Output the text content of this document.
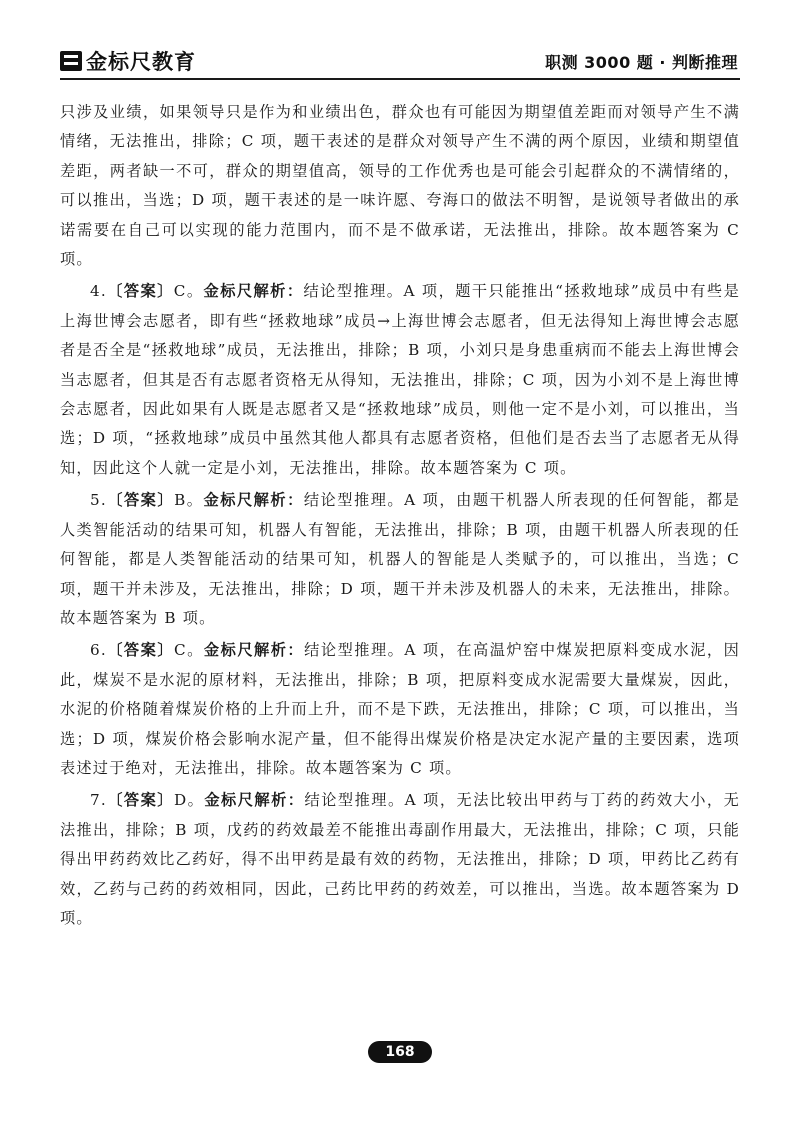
金标尺教育	职测 3000 题 · 判断推理

只涉及业绩，如果领导只是作为和业绩出色，群众也有可能因为期望值差距而对领导产生不满情绪，无法推出，排除；C 项，题干表述的是群众对领导产生不满的两个原因，业绩和期望值差距，两者缺一不可，群众的期望值高，领导的工作优秀也是可能会引起群众的不满情绪的，可以推出，当选；D 项，题干表述的是一味许愿、夸海口的做法不明智，是说领导者做出的承诺需要在自己可以实现的能力范围内，而不是不做承诺，无法推出，排除。故本题答案为 C 项。

4.〔答案〕C。金标尺解析：结论型推理。A 项，题干只能推出“拯救地球”成员中有些是上海世博会志愿者，即有些“拯救地球”成员→上海世博会志愿者，但无法得知上海世博会志愿者是否全是“拯救地球”成员，无法推出，排除；B 项，小刘只是身患重病而不能去上海世博会当志愿者，但其是否有志愿者资格无从得知，无法推出，排除；C 项，因为小刘不是上海世博会志愿者，因此如果有人既是志愿者又是“拯救地球”成员，则他一定不是小刘，可以推出，当选；D 项，“拯救地球”成员中虽然其他人都具有志愿者资格，但他们是否去当了志愿者无从得知，因此这个人就一定是小刘，无法推出，排除。故本题答案为 C 项。

5.〔答案〕B。金标尺解析：结论型推理。A 项，由题干机器人所表现的任何智能，都是人类智能活动的结果可知，机器人有智能，无法推出，排除；B 项，由题干机器人所表现的任何智能，都是人类智能活动的结果可知，机器人的智能是人类赋予的，可以推出，当选；C 项，题干并未涉及，无法推出，排除；D 项，题干并未涉及机器人的未来，无法推出，排除。故本题答案为 B 项。

6.〔答案〕C。金标尺解析：结论型推理。A 项，在高温炉窑中煤炭把原料变成水泥，因此，煤炭不是水泥的原材料，无法推出，排除；B 项，把原料变成水泥需要大量煤炭，因此，水泥的价格随着煤炭价格的上升而上升，而不是下跌，无法推出，排除；C 项，可以推出，当选；D 项，煤炭价格会影响水泥产量，但不能得出煤炭价格是决定水泥产量的主要因素，选项表述过于绝对，无法推出，排除。故本题答案为 C 项。

7.〔答案〕D。金标尺解析：结论型推理。A 项，无法比较出甲药与丁药的药效大小，无法推出，排除；B 项，戊药的药效最差不能推出毒副作用最大，无法推出，排除；C 项，只能得出甲药药效比乙药好，得不出甲药是最有效的药物，无法推出，排除；D 项，甲药比乙药有效，乙药与己药的药效相同，因此，己药比甲药的药效差，可以推出，当选。故本题答案为 D 项。

168
